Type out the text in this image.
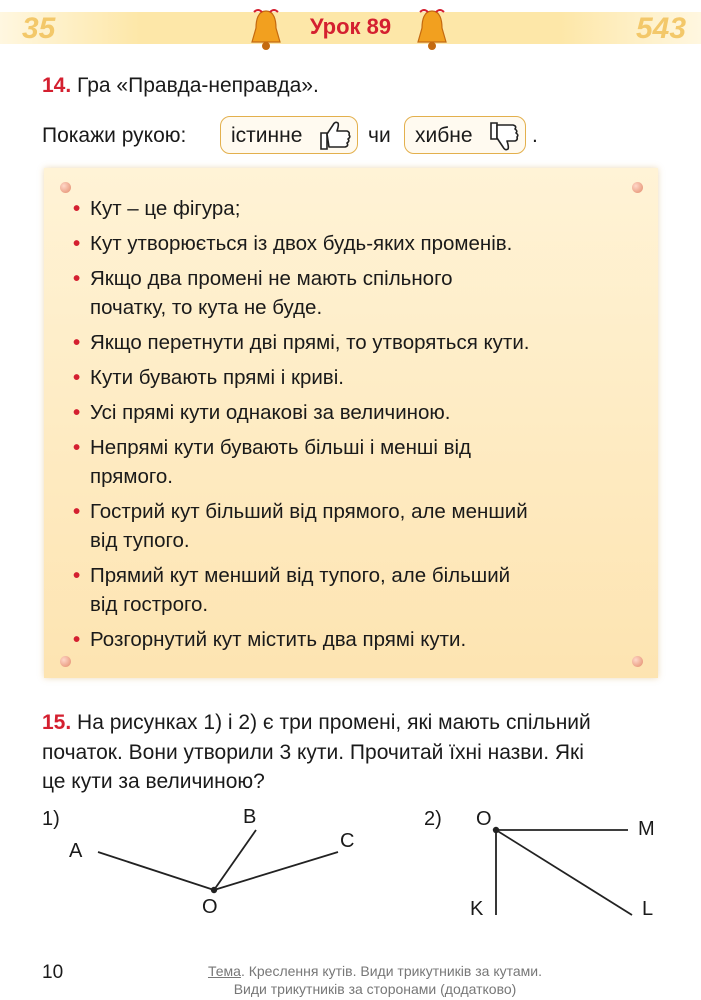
35	543
Урок 89
14. Гра «Правда-неправда».
Покажи рукою: істинне	чи хибне	.
• Кут – це фігура;
• Кут утворюється із двох будь-яких променів.
• Якщо два промені не мають спільного
початку, то кута не буде.
• Якщо перетнути дві прямі, то утворяться кути.
• Кути бувають прямі і криві.
• Усі прямі кути однакові за величиною.
• Непрямі кути бувають більші і менші від
прямого.
• Гострий кут більший від прямого, але менший
від тупого.
• Прямий кут менший від тупого, але більший
від гострого.
• Розгорнутий кут містить два прямі кути.
15. На рисунках 1) і 2) є три промені, які мають спільний
початок. Вони утворили 3 кути. Прочитай їхні назви. Які
це кути за величиною?
1)
A
B
C
O
2) O	M
K	L
10	Тема. Креслення кутів. Види трикутників за кутами.
Види трикутників за сторонами (додатково)
